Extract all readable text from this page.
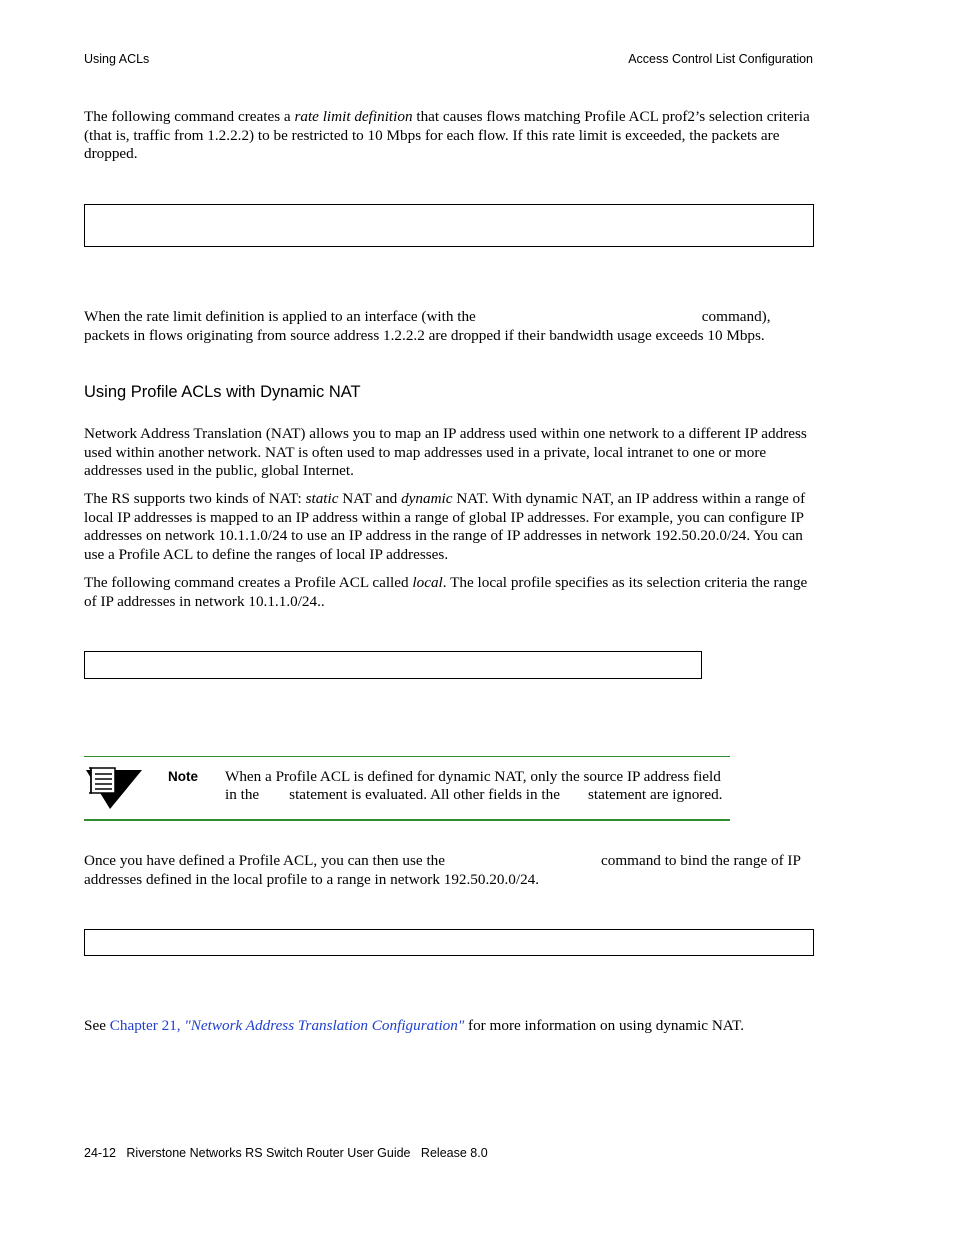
Using ACLs	Access Control List Configuration

The following command creates a rate limit definition that causes flows matching Profile ACL prof2’s selection criteria (that is, traffic from 1.2.2.2) to be restricted to 10 Mbps for each flow. If this rate limit is exceeded, the packets are dropped.

When the rate limit definition is applied to an interface (with the	command), packets in flows originating from source address 1.2.2.2 are dropped if their bandwidth usage exceeds 10 Mbps.

Using Profile ACLs with Dynamic NAT

Network Address Translation (NAT) allows you to map an IP address used within one network to a different IP address used within another network. NAT is often used to map addresses used in a private, local intranet to one or more addresses used in the public, global Internet.

The RS supports two kinds of NAT: static NAT and dynamic NAT. With dynamic NAT, an IP address within a range of local IP addresses is mapped to an IP address within a range of global IP addresses. For example, you can configure IP addresses on network 10.1.1.0/24 to use an IP address in the range of IP addresses in network 192.50.20.0/24. You can use a Profile ACL to define the ranges of local IP addresses.

The following command creates a Profile ACL called local. The local profile specifies as its selection criteria the range of IP addresses in network 10.1.1.0/24..

Note When a Profile ACL is defined for dynamic NAT, only the source IP address field in the statement is evaluated. All other fields in the statement are ignored.

Once you have defined a Profile ACL, you can then use the	command to bind the range of IP addresses defined in the local profile to a range in network 192.50.20.0/24.

See Chapter 21, "Network Address Translation Configuration" for more information on using dynamic NAT.

24-12   Riverstone Networks RS Switch Router User Guide   Release 8.0
